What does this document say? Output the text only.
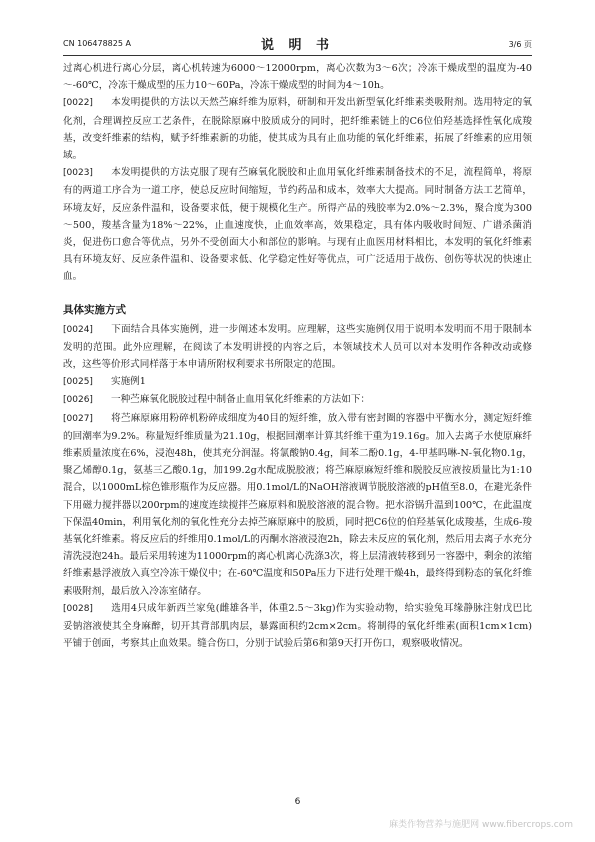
CN 106478825 A	说 明 书	3/6 页

过离心机进行离心分层，离心机转速为6000～12000rpm，离心次数为3～6次；冷冻干燥成型的温度为-40～-60℃，冷冻干燥成型的压力10～60Pa，冷冻干燥成型的时间为4～10h。

[0022] 本发明提供的方法以天然苎麻纤维为原料，研制和开发出新型氧化纤维素类吸附剂。选用特定的氧化剂，合理调控反应工艺条件，在脱除原麻中胶质成分的同时，把纤维素链上的C6位伯羟基选择性氧化成羧基，改变纤维素的结构，赋予纤维素新的功能，使其成为具有止血功能的氧化纤维素，拓展了纤维素的应用领域。

[0023] 本发明提供的方法克服了现有苎麻氧化脱胶和止血用氧化纤维素制备技术的不足，流程简单，将原有的两道工序合为一道工序，使总反应时间缩短，节约药品和成本，效率大大提高。同时制备方法工艺简单，环境友好，反应条件温和，设备要求低，便于规模化生产。所得产品的残胶率为2.0%～2.3%，聚合度为300～500，羧基含量为18%～22%，止血速度快，止血效率高，效果稳定，具有体内吸收时间短、广谱杀菌消炎，促进伤口愈合等优点，另外不受创面大小和部位的影响。与现有止血医用材料相比，本发明的氧化纤维素具有环境友好、反应条件温和、设备要求低、化学稳定性好等优点，可广泛适用于战伤、创伤等状况的快速止血。

具体实施方式

[0024] 下面结合具体实施例，进一步阐述本发明。应理解，这些实施例仅用于说明本发明而不用于限制本发明的范围。此外应理解，在阅读了本发明讲授的内容之后，本领域技术人员可以对本发明作各种改动或修改，这些等价形式同样落于本申请所附权利要求书所限定的范围。

[0025] 实施例1

[0026] 一种苎麻氧化脱胶过程中制备止血用氧化纤维素的方法如下：

[0027] 将苎麻原麻用粉碎机粉碎成细度为40目的短纤维，放入带有密封圈的容器中平衡水分，测定短纤维的回潮率为9.2%。称量短纤维质量为21.10g，根据回潮率计算其纤维干重为19.16g。加入去离子水使原麻纤维素质量浓度在6%，浸泡48h，使其充分润湿。将氯酸钠0.4g，间苯二酚0.1g，4-甲基吗啉-N-氧化物0.1g，聚乙烯醇0.1g，氨基三乙酸0.1g，加199.2g水配成脱胶液；将苎麻原麻短纤维和脱胶反应液按质量比为1:10混合，以1000mL棕色锥形瓶作为反应器。用0.1mol/L的NaOH溶液调节脱胶溶液的pH值至8.0，在避光条件下用磁力搅拌器以200rpm的速度连续搅拌苎麻原料和脱胶溶液的混合物。把水浴锅升温到100℃，在此温度下保温40min，利用氧化剂的氧化性充分去掉苎麻原麻中的胶质，同时把C6位的伯羟基氧化成羧基，生成6-羧基氧化纤维素。将反应后的纤维用0.1mol/L的丙酮水溶液浸泡2h，除去未反应的氧化剂，然后用去离子水充分清洗浸泡24h。最后采用转速为11000rpm的离心机离心洗涤3次，将上层清液转移到另一容器中，剩余的浓缩纤维素悬浮液放入真空冷冻干燥仪中；在-60℃温度和50Pa压力下进行处理干燥4h，最终得到粉态的氧化纤维素吸附剂，最后放入冷冻室储存。

[0028] 选用4只成年新西兰家兔(雌雄各半，体重2.5～3kg)作为实验动物，给实验兔耳缘静脉注射戊巴比妥钠溶液使其全身麻醉，切开其背部肌肉层，暴露面积约2cm×2cm。将制得的氧化纤维素(面积1cm×1cm)平铺于创面，考察其止血效果。缝合伤口，分别于试验后第6和第9天打开伤口，观察吸收情况。

6
麻类作物营养与施肥网 www.fibercrops.com
